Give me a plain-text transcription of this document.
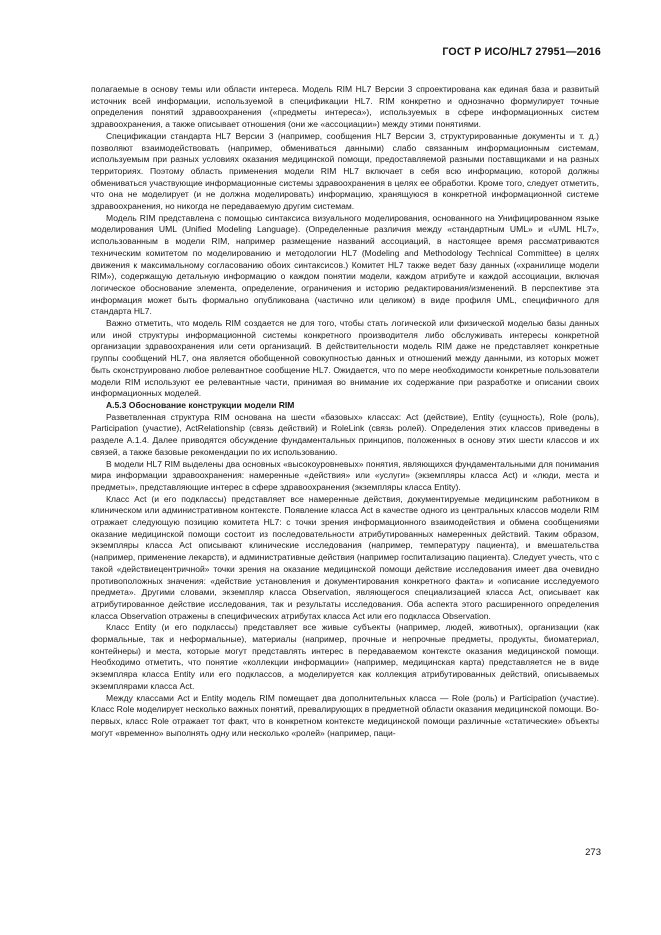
ГОСТ Р ИСО/HL7 27951—2016

полагаемые в основу темы или области интереса. Модель RIM HL7 Версии 3 спроектирована как единая база и развитый источник всей информации, используемой в спецификации HL7. RIM конкретно и однозначно формулирует точные определения понятий здравоохранения («предметы интереса»), используемых в сфере информационных систем здравоохранения, а также описывает отношения (они же «ассоциации») между этими понятиями.

Спецификации стандарта HL7 Версии 3 (например, сообщения HL7 Версии 3, структурированные документы и т. д.) позволяют взаимодействовать (например, обмениваться данными) слабо связанным информационным системам, используемым при разных условиях оказания медицинской помощи, предоставляемой разными поставщиками и на разных территориях. Поэтому область применения модели RIM HL7 включает в себя всю информацию, которой должны обмениваться участвующие информационные системы здравоохранения в целях ее обработки. Кроме того, следует отметить, что она не моделирует (и не должна моделировать) информацию, хранящуюся в конкретной информационной системе здравоохранения, но никогда не передаваемую другим системам.

Модель RIM представлена с помощью синтаксиса визуального моделирования, основанного на Унифицированном языке моделирования UML (Unified Modeling Language). (Определенные различия между «стандартным UML» и «UML HL7», использованным в модели RIM, например размещение названий ассоциаций, в настоящее время рассматриваются техническим комитетом по моделированию и методологии HL7 (Modeling and Methodology Technical Committee) в целях движения к максимальному согласованию обоих синтаксисов.) Комитет HL7 также ведет базу данных («хранилище модели RIM»), содержащую детальную информацию о каждом понятии модели, каждом атрибуте и каждой ассоциации, включая логическое обоснование элемента, определение, ограничения и историю редактирования/изменений. В перспективе эта информация может быть формально опубликована (частично или целиком) в виде профиля UML, специфичного для стандарта HL7.

Важно отметить, что модель RIM создается не для того, чтобы стать логической или физической моделью базы данных или иной структуры информационной системы конкретного производителя либо обслуживать интересы конкретной организации здравоохранения или сети организаций. В действительности модель RIM даже не представляет конкретные группы сообщений HL7, она является обобщенной совокупностью данных и отношений между данными, из которых может быть сконструировано любое релевантное сообщение HL7. Ожидается, что по мере необходимости конкретные пользователи модели RIM используют ее релевантные части, принимая во внимание их содержание при разработке и описании своих информационных моделей.

А.5.3 Обоснование конструкции модели RIM

Разветвленная структура RIM основана на шести «базовых» классах: Act (действие), Entity (сущность), Role (роль), Participation (участие), ActRelationship (связь действий) и RoleLink (связь ролей). Определения этих классов приведены в разделе А.1.4. Далее приводятся обсуждение фундаментальных принципов, положенных в основу этих шести классов и их связей, а также базовые рекомендации по их использованию.

В модели HL7 RIM выделены два основных «высокоуровневых» понятия, являющихся фундаментальными для понимания мира информации здравоохранения: намеренные «действия» или «услуги» (экземпляры класса Act) и «люди, места и предметы», представляющие интерес в сфере здравоохранения (экземпляры класса Entity).

Класс Act (и его подклассы) представляет все намеренные действия, документируемые медицинским работником в клиническом или административном контексте. Появление класса Act в качестве одного из центральных классов модели RIM отражает следующую позицию комитета HL7: с точки зрения информационного взаимодействия и обмена сообщениями оказание медицинской помощи состоит из последовательности атрибутированных намеренных действий. Таким образом, экземпляры класса Act описывают клинические исследования (например, температуру пациента), и вмешательства (например, применение лекарств), и административные действия (например госпитализацию пациента). Следует учесть, что с такой «действиецентричной» точки зрения на оказание медицинской помощи действие исследования имеет два очевидно противоположных значения: «действие установления и документирования конкретного факта» и «описание исследуемого предмета». Другими словами, экземпляр класса Observation, являющегося специализацией класса Act, описывает как атрибутированное действие исследования, так и результаты исследования. Оба аспекта этого расширенного определения класса Observation отражены в специфических атрибутах класса Act или его подкласса Observation.

Класс Entity (и его подклассы) представляет все живые субъекты (например, людей, животных), организации (как формальные, так и неформальные), материалы (например, прочные и непрочные предметы, продукты, биоматериал, контейнеры) и места, которые могут представлять интерес в передаваемом контексте оказания медицинской помощи. Необходимо отметить, что понятие «коллекции информации» (например, медицинская карта) представляется не в виде экземпляра класса Entity или его подклассов, а моделируется как коллекция атрибутированных действий, описываемых экземплярами класса Act.

Между классами Act и Entity модель RIM помещает два дополнительных класса — Role (роль) и Participation (участие). Класс Role моделирует несколько важных понятий, превалирующих в предметной области оказания медицинской помощи. Во-первых, класс Role отражает тот факт, что в конкретном контексте медицинской помощи различные «статические» объекты могут «временно» выполнять одну или несколько «ролей» (например, паци-

273
